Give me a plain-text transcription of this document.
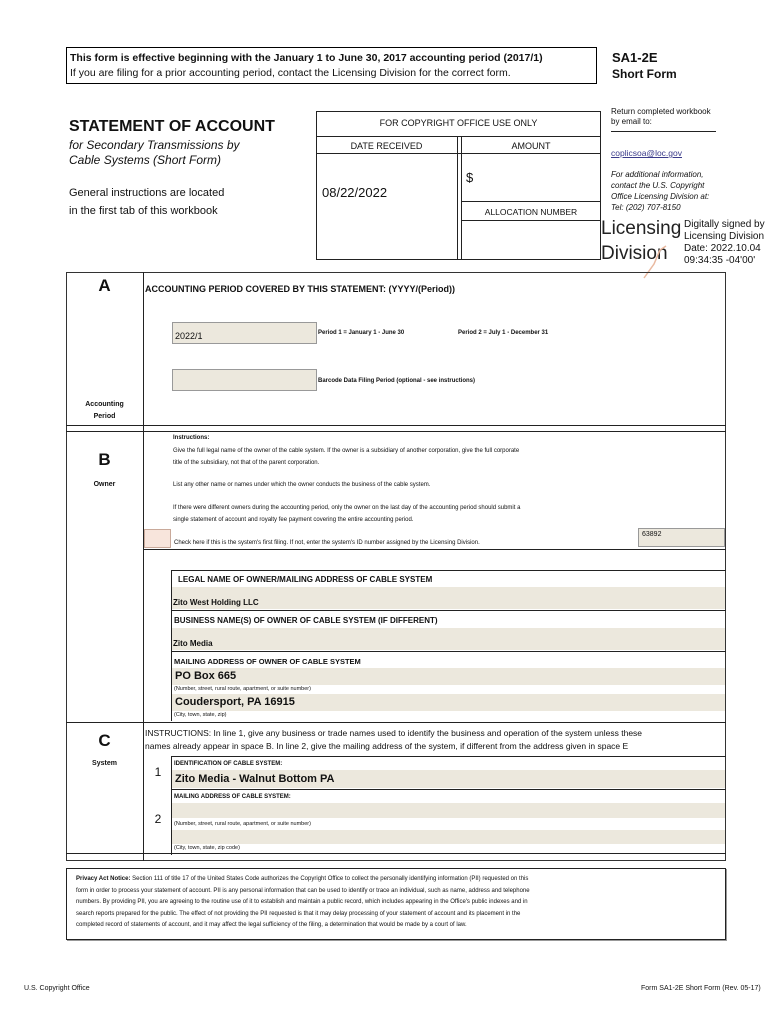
This form is effective beginning with the January 1 to June 30, 2017 accounting period (2017/1)
If you are filing for a prior accounting period, contact the Licensing Division for the correct form.
SA1-2E
Short Form
STATEMENT OF ACCOUNT
for Secondary Transmissions by
Cable Systems (Short Form)
General instructions are located
in the first tab of this workbook
FOR COPYRIGHT OFFICE USE ONLY
DATE RECEIVED	AMOUNT
08/22/2022
$
ALLOCATION NUMBER
Return completed workbook
by email to:
coplicsoa@loc.gov
For additional information,
contact the U.S. Copyright
Office Licensing Division at:
Tel: (202) 707-8150
Licensing
Division
Digitally signed by
Licensing Division
Date: 2022.10.04
09:34:35 -04'00'
A
Accounting
Period
ACCOUNTING PERIOD COVERED BY THIS STATEMENT: (YYYY/(Period))
2022/1	Period 1 = January 1 - June 30	Period 2 = July 1 - December 31
Barcode Data Filing Period (optional - see instructions)
B
Owner
Instructions:
Give the full legal name of the owner of the cable system. If the owner is a subsidiary of another corporation, give the full corporate
title of the subsidiary, not that of the parent corporation.
List any other name or names under which the owner conducts the business of the cable system.
If there were different owners during the accounting period, only the owner on the last day of the accounting period should submit a
single statement of account and royalty fee payment covering the entire accounting period.
Check here if this is the system's first filing. If not, enter the system's ID number assigned by the Licensing Division.
63892
LEGAL NAME OF OWNER/MAILING ADDRESS OF CABLE SYSTEM
Zito West Holding LLC
BUSINESS NAME(S) OF OWNER OF CABLE SYSTEM (IF DIFFERENT)
Zito Media
MAILING ADDRESS OF OWNER OF CABLE SYSTEM
PO Box 665
(Number, street, rural route, apartment, or suite number)
Coudersport, PA 16915
(City, town, state, zip)
C
System
INSTRUCTIONS: In line 1, give any business or trade names used to identify the business and operation of the system unless these
names already appear in space B. In line 2, give the mailing address of the system, if different from the address given in space E
1
IDENTIFICATION OF CABLE SYSTEM:
Zito Media - Walnut Bottom PA
MAILING ADDRESS OF CABLE SYSTEM:
2	(Number, street, rural route, apartment, or suite number)
(City, town, state, zip code)
Privacy Act Notice: Section 111 of title 17 of the United States Code authorizes the Copyright Office to collect the personally identifying information (PII) requested on this
form in order to process your statement of account. PII is any personal information that can be used to identify or trace an individual, such as name, address and telephone
numbers. By providing PII, you are agreeing to the routine use of it to establish and maintain a public record, which includes appearing in the Office's public indexes and in
search reports prepared for the public. The effect of not providing the PII requested is that it may delay processing of your statement of account and its placement in the
completed record of statements of account, and it may affect the legal sufficiency of the filing, a determination that would be made by a court of law.
U.S. Copyright Office	Form SA1-2E Short Form (Rev. 05-17)
